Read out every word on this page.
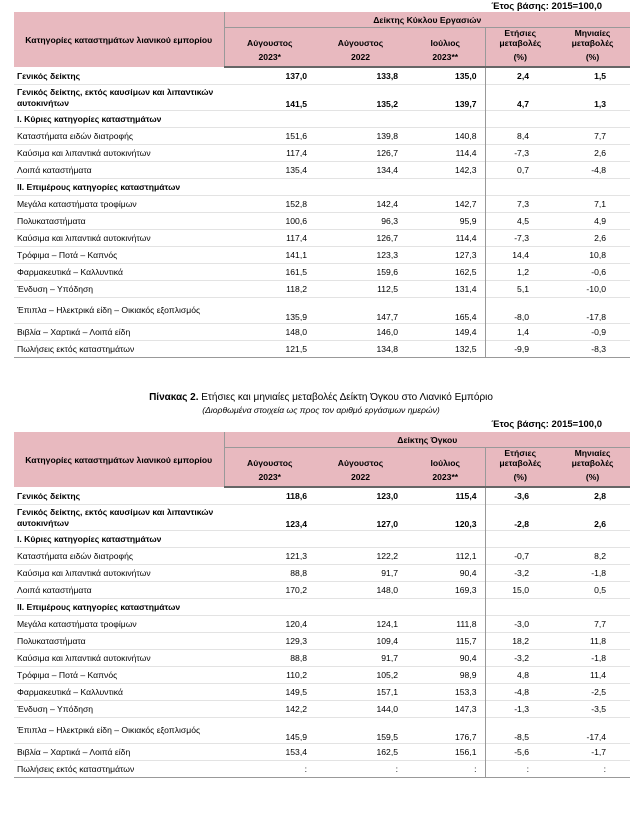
Έτος βάσης: 2015=100,0
Κατηγορίες καταστημάτων λιανικού εμπορίου	Δείκτης Κύκλου Εργασιών				
	Αύγουστος	Αύγουστος	Ιούλιος	Ετήσιες
μεταβολές	Μηνιαίες
μεταβολές
	2023*	2022	2023**	(%)	(%)
Γενικός δείκτης	137,0	133,8	135,0	2,4	1,5
Γενικός δείκτης, εκτός καυσίμων και λιπαντικών αυτοκινήτων	141,5	135,2	139,7	4,7	1,3
I. Κύριες κατηγορίες καταστημάτων					
Καταστήματα ειδών διατροφής	151,6	139,8	140,8	8,4	7,7
Καύσιμα και λιπαντικά αυτοκινήτων	117,4	126,7	114,4	-7,3	2,6
Λοιπά καταστήματα	135,4	134,4	142,3	0,7	-4,8
II. Επιμέρους κατηγορίες καταστημάτων					
Μεγάλα καταστήματα τροφίμων	152,8	142,4	142,7	7,3	7,1
Πολυκαταστήματα	100,6	96,3	95,9	4,5	4,9
Καύσιμα και λιπαντικά αυτοκινήτων	117,4	126,7	114,4	-7,3	2,6
Τρόφιμα – Ποτά – Καπνός	141,1	123,3	127,3	14,4	10,8
Φαρμακευτικά – Καλλυντικά	161,5	159,6	162,5	1,2	-0,6
Ένδυση – Υπόδηση	118,2	112,5	131,4	5,1	-10,0
Έπιπλα – Ηλεκτρικά είδη – Οικιακός εξοπλισμός	135,9	147,7	165,4	-8,0	-17,8
Βιβλία – Χαρτικά – Λοιπά είδη	148,0	146,0	149,4	1,4	-0,9
Πωλήσεις εκτός καταστημάτων	121,5	134,8	132,5	-9,9	-8,3
Πίνακας 2. Ετήσιες και μηνιαίες μεταβολές Δείκτη Όγκου στο Λιανικό Εμπόριο
(Διορθωμένα στοιχεία ως προς τον αριθμό εργάσιμων ημερών)
Έτος βάσης: 2015=100,0
Κατηγορίες καταστημάτων λιανικού εμπορίου	Δείκτης Όγκου				
	Αύγουστος	Αύγουστος	Ιούλιος	Ετήσιες
μεταβολές	Μηνιαίες
μεταβολές
	2023*	2022	2023**	(%)	(%)
Γενικός δείκτης	118,6	123,0	115,4	-3,6	2,8
Γενικός δείκτης, εκτός καυσίμων και λιπαντικών αυτοκινήτων	123,4	127,0	120,3	-2,8	2,6
I. Κύριες κατηγορίες καταστημάτων					
Καταστήματα ειδών διατροφής	121,3	122,2	112,1	-0,7	8,2
Καύσιμα και λιπαντικά αυτοκινήτων	88,8	91,7	90,4	-3,2	-1,8
Λοιπά καταστήματα	170,2	148,0	169,3	15,0	0,5
II. Επιμέρους κατηγορίες καταστημάτων					
Μεγάλα καταστήματα τροφίμων	120,4	124,1	111,8	-3,0	7,7
Πολυκαταστήματα	129,3	109,4	115,7	18,2	11,8
Καύσιμα και λιπαντικά αυτοκινήτων	88,8	91,7	90,4	-3,2	-1,8
Τρόφιμα – Ποτά – Καπνός	110,2	105,2	98,9	4,8	11,4
Φαρμακευτικά – Καλλυντικά	149,5	157,1	153,3	-4,8	-2,5
Ένδυση – Υπόδηση	142,2	144,0	147,3	-1,3	-3,5
Έπιπλα – Ηλεκτρικά είδη – Οικιακός εξοπλισμός	145,9	159,5	176,7	-8,5	-17,4
Βιβλία – Χαρτικά – Λοιπά είδη	153,4	162,5	156,1	-5,6	-1,7
Πωλήσεις εκτός καταστημάτων	:	:	:	:	:
